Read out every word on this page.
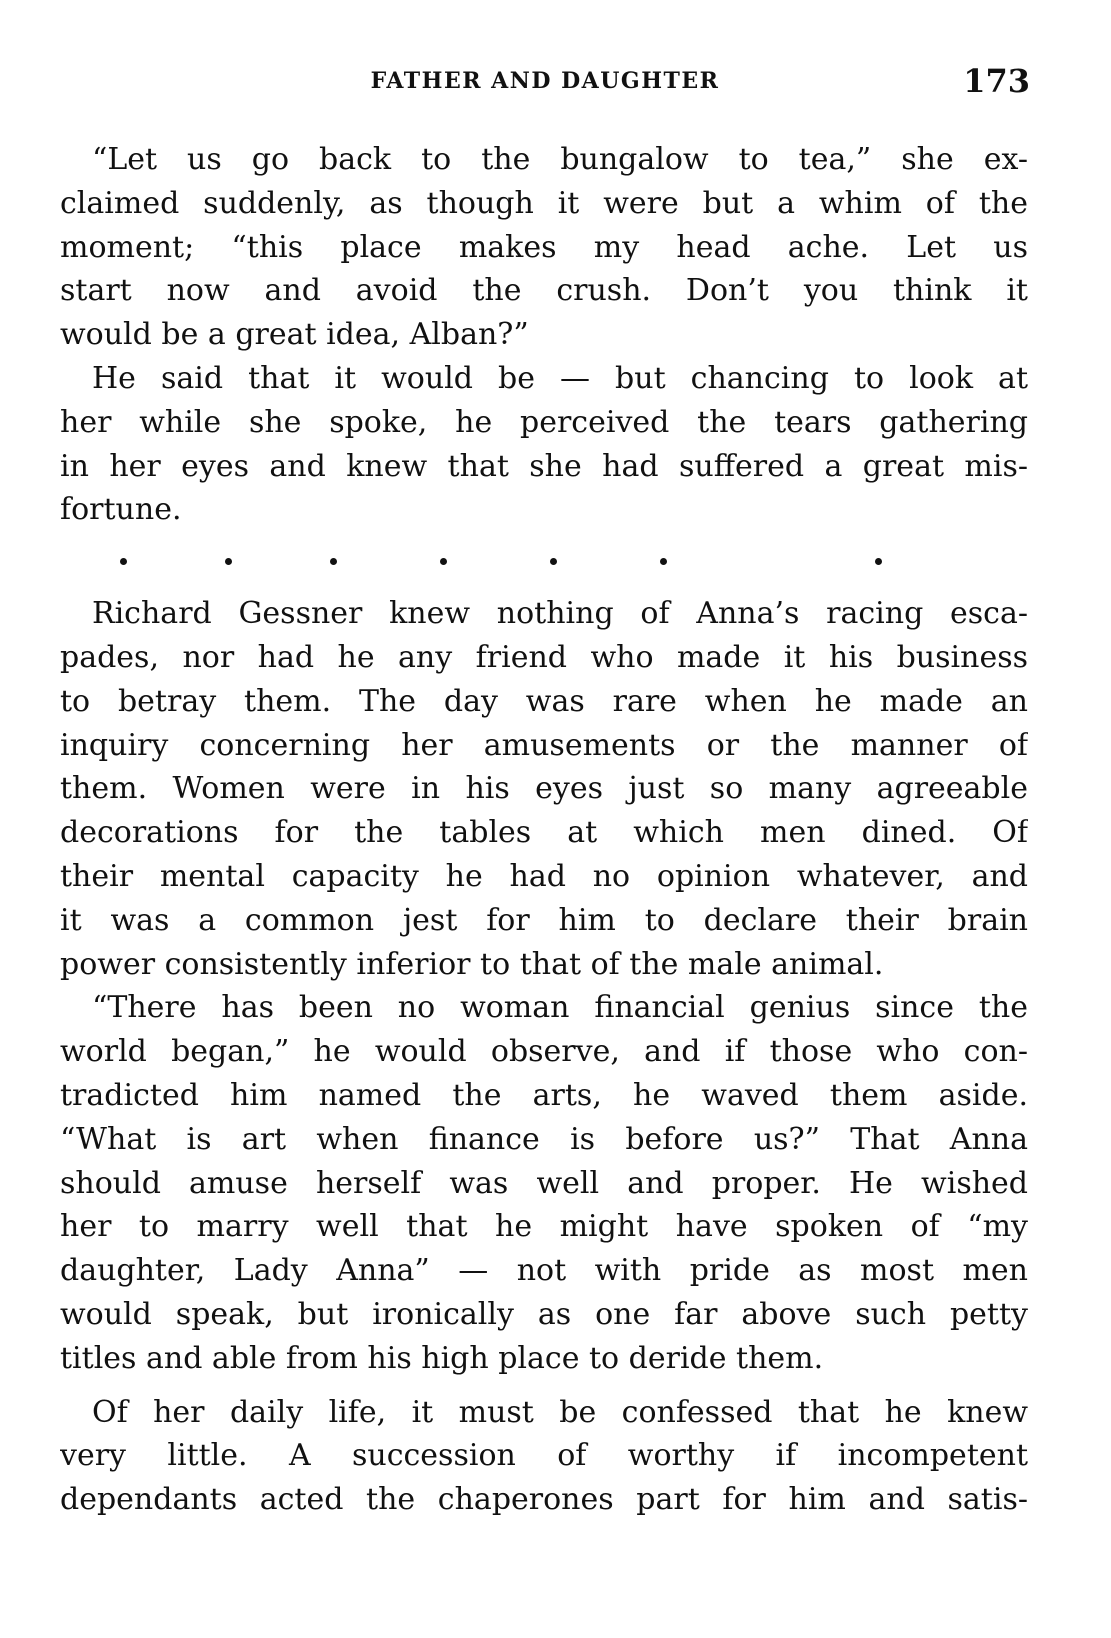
FATHER AND DAUGHTER	173
“Let us go back to the bungalow to tea,” she ex-
claimed suddenly, as though it were but a whim of the
moment; “this place makes my head ache. Let us
start now and avoid the crush. Don’t you think it
would be a great idea, Alban?”
He said that it would be — but chancing to look at
her while she spoke, he perceived the tears gathering
in her eyes and knew that she had suffered a great mis-
fortune.
Richard Gessner knew nothing of Anna’s racing esca-
pades, nor had he any friend who made it his business
to betray them. The day was rare when he made an
inquiry concerning her amusements or the manner of
them. Women were in his eyes just so many agreeable
decorations for the tables at which men dined. Of
their mental capacity he had no opinion whatever, and
it was a common jest for him to declare their brain
power consistently inferior to that of the male animal.
“There has been no woman financial genius since the
world began,” he would observe, and if those who con-
tradicted him named the arts, he waved them aside.
“What is art when finance is before us?” That Anna
should amuse herself was well and proper. He wished
her to marry well that he might have spoken of “my
daughter, Lady Anna” — not with pride as most men
would speak, but ironically as one far above such petty
titles and able from his high place to deride them.
Of her daily life, it must be confessed that he knew
very little. A succession of worthy if incompetent
dependants acted the chaperones part for him and satis-
